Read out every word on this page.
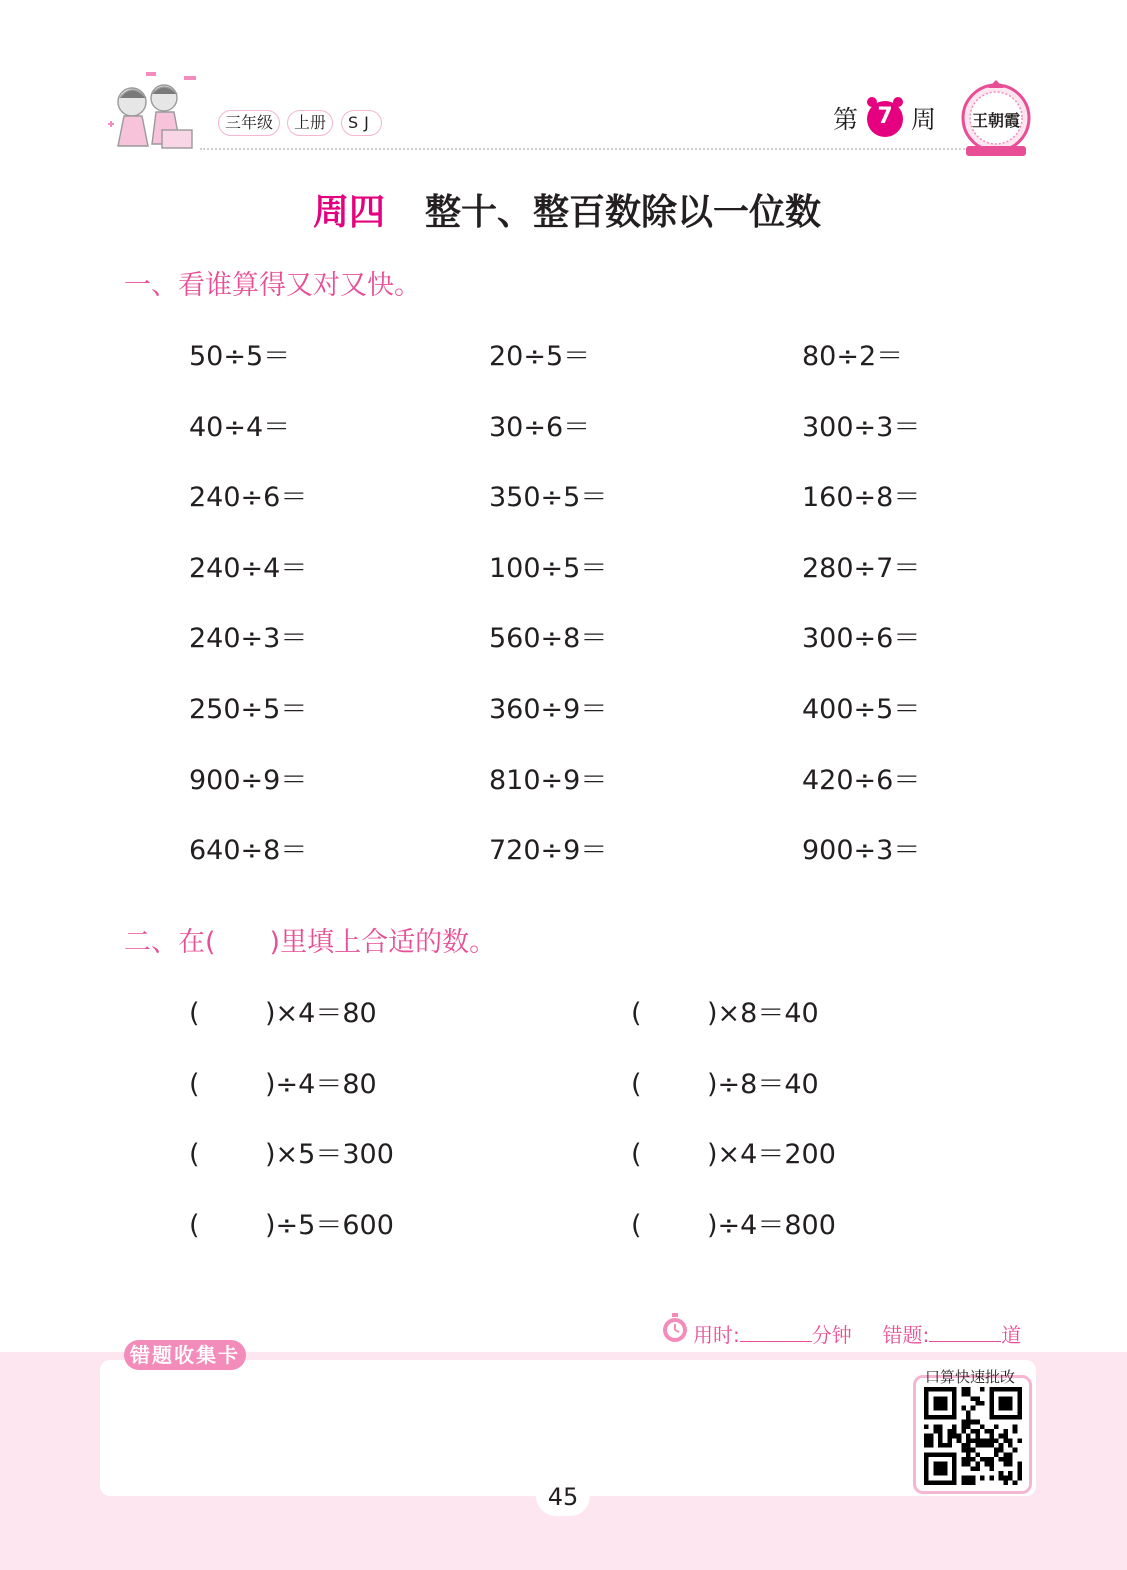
三年级	上册	SJ	第 7 周	王朝霞
周四 整十、整百数除以一位数
一、看谁算得又对又快。
50÷5＝	20÷5＝	80÷2＝
40÷4＝	30÷6＝	300÷3＝
240÷6＝	350÷5＝	160÷8＝
240÷4＝	100÷5＝	280÷7＝
240÷3＝	560÷8＝	300÷6＝
250÷5＝	360÷9＝	400÷5＝
900÷9＝	810÷9＝	420÷6＝
640÷8＝	720÷9＝	900÷3＝
二、在(　　)里填上合适的数。
( )×4＝80	( )×8＝40
( )÷4＝80	( )÷8＝40
( )×5＝300	( )×4＝200
( )÷5＝600	( )÷4＝800
用时:	分钟 错题:	道
错题收集卡
口算快速批改
45
